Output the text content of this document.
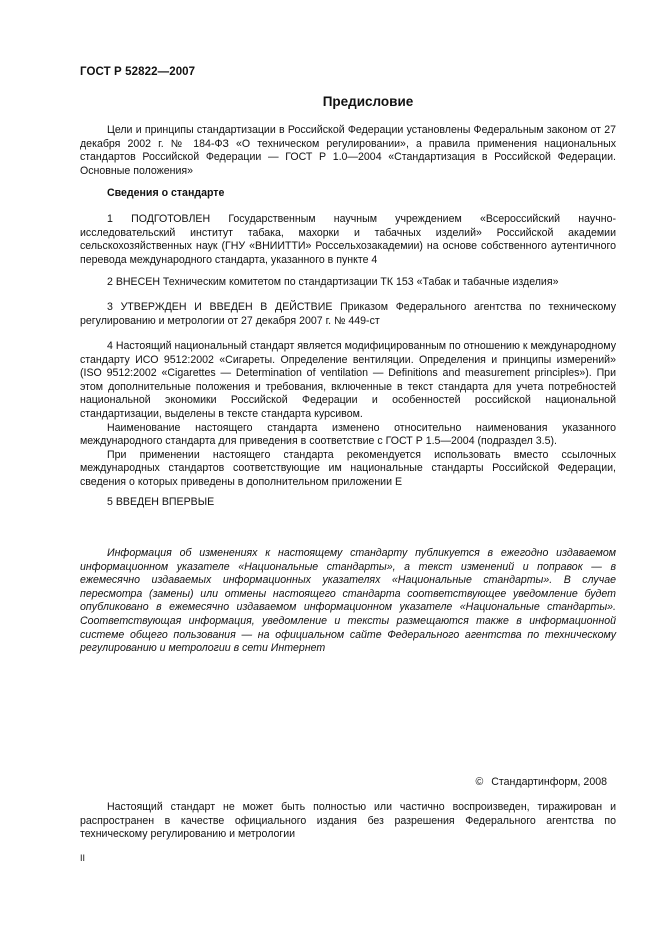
ГОСТ Р 52822—2007
Предисловие

Цели и принципы стандартизации в Российской Федерации установлены Федеральным законом от 27 декабря 2002 г. № 184-ФЗ «О техническом регулировании», а правила применения национальных стандартов Российской Федерации — ГОСТ Р 1.0—2004 «Стандартизация в Российской Федерации. Основные положения»

Сведения о стандарте

1 ПОДГОТОВЛЕН Государственным научным учреждением «Всероссийский научно-исследовательский институт табака, махорки и табачных изделий» Российской академии сельскохозяйственных наук (ГНУ «ВНИИТТИ» Россельхозакадемии) на основе собственного аутентичного перевода международного стандарта, указанного в пункте 4

2 ВНЕСЕН Техническим комитетом по стандартизации ТК 153 «Табак и табачные изделия»

3 УТВЕРЖДЕН И ВВЕДЕН В ДЕЙСТВИЕ Приказом Федерального агентства по техническому регулированию и метрологии от 27 декабря 2007 г. № 449-ст

4 Настоящий национальный стандарт является модифицированным по отношению к международному стандарту ИСО 9512:2002 «Сигареты. Определение вентиляции. Определения и принципы измерений» (ISO 9512:2002 «Cigarettes — Determination of ventilation — Definitions and measurement principles»). При этом дополнительные положения и требования, включенные в текст стандарта для учета потребностей национальной экономики Российской Федерации и особенностей российской национальной стандартизации, выделены в тексте стандарта курсивом.

Наименование настоящего стандарта изменено относительно наименования указанного международного стандарта для приведения в соответствие с ГОСТ Р 1.5—2004 (подраздел 3.5).

При применении настоящего стандарта рекомендуется использовать вместо ссылочных международных стандартов соответствующие им национальные стандарты Российской Федерации, сведения о которых приведены в дополнительном приложении Е

5 ВВЕДЕН ВПЕРВЫЕ

Информация об изменениях к настоящему стандарту публикуется в ежегодно издаваемом информационном указателе «Национальные стандарты», а текст изменений и поправок — в ежемесячно издаваемых информационных указателях «Национальные стандарты». В случае пересмотра (замены) или отмены настоящего стандарта соответствующее уведомление будет опубликовано в ежемесячно издаваемом информационном указателе «Национальные стандарты». Соответствующая информация, уведомление и тексты размещаются также в информационной системе общего пользования — на официальном сайте Федерального агентства по техническому регулированию и метрологии в сети Интернет

© Стандартинформ, 2008

Настоящий стандарт не может быть полностью или частично воспроизведен, тиражирован и распространен в качестве официального издания без разрешения Федерального агентства по техническому регулированию и метрологии

II
